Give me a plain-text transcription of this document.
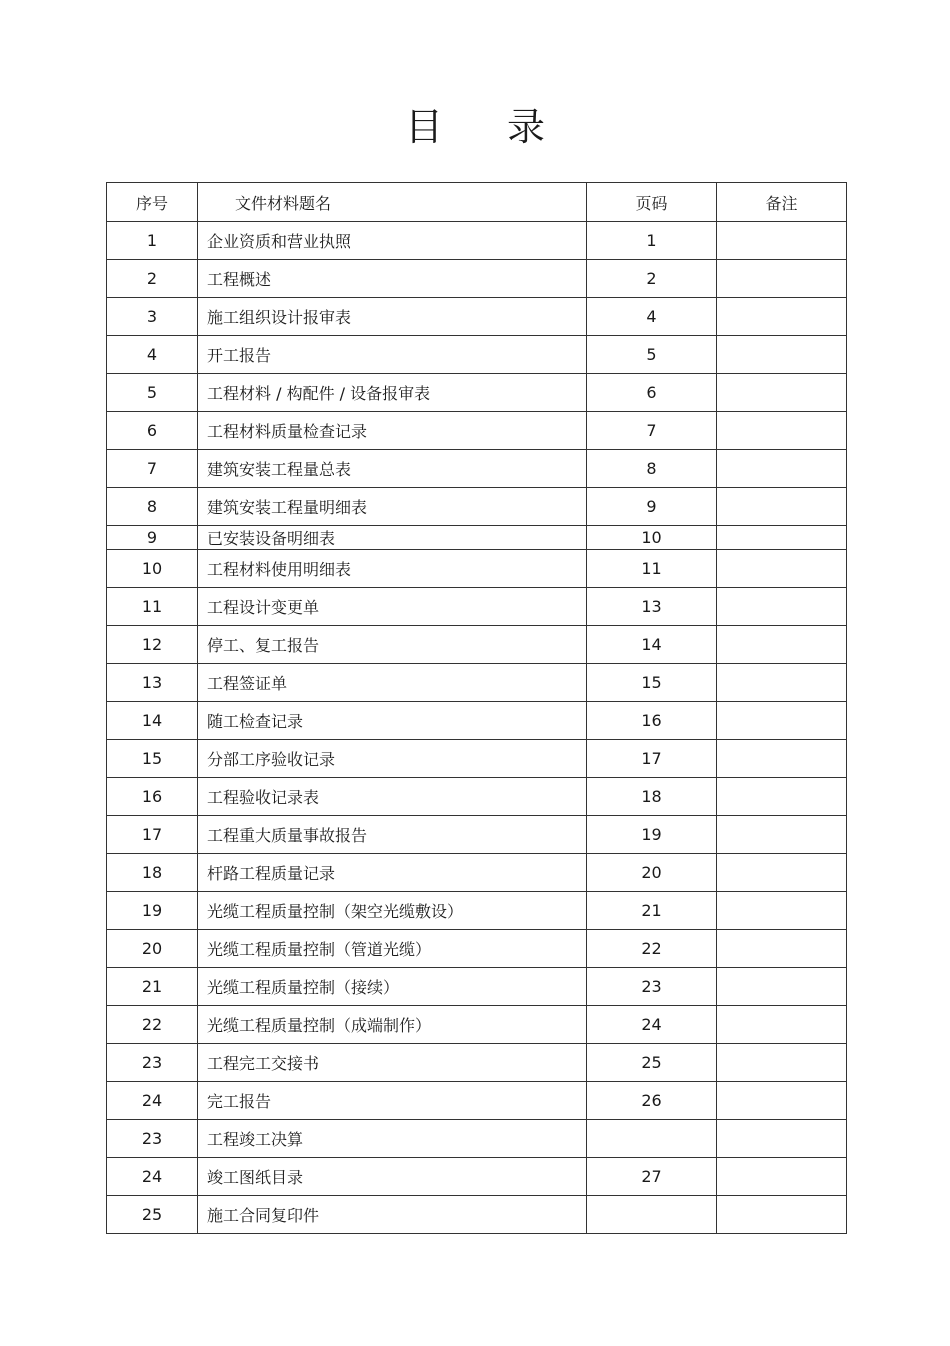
目 录
序号	文件材料题名	页码	备注
1	企业资质和营业执照	1	
2	工程概述	2	
3	施工组织设计报审表	4	
4	开工报告	5	
5	工程材料 / 构配件 / 设备报审表	6	
6	工程材料质量检查记录	7	
7	建筑安装工程量总表	8	
8	建筑安装工程量明细表	9	
9	已安装设备明细表	10	
10	工程材料使用明细表	11	
11	工程设计变更单	13	
12	停工、复工报告	14	
13	工程签证单	15	
14	随工检查记录	16	
15	分部工序验收记录	17	
16	工程验收记录表	18	
17	工程重大质量事故报告	19	
18	杆路工程质量记录	20	
19	光缆工程质量控制（架空光缆敷设）	21	
20	光缆工程质量控制（管道光缆）	22	
21	光缆工程质量控制（接续）	23	
22	光缆工程质量控制（成端制作）	24	
23	工程完工交接书	25	
24	完工报告	26	
23	工程竣工决算		
24	竣工图纸目录	27	
25	施工合同复印件		
